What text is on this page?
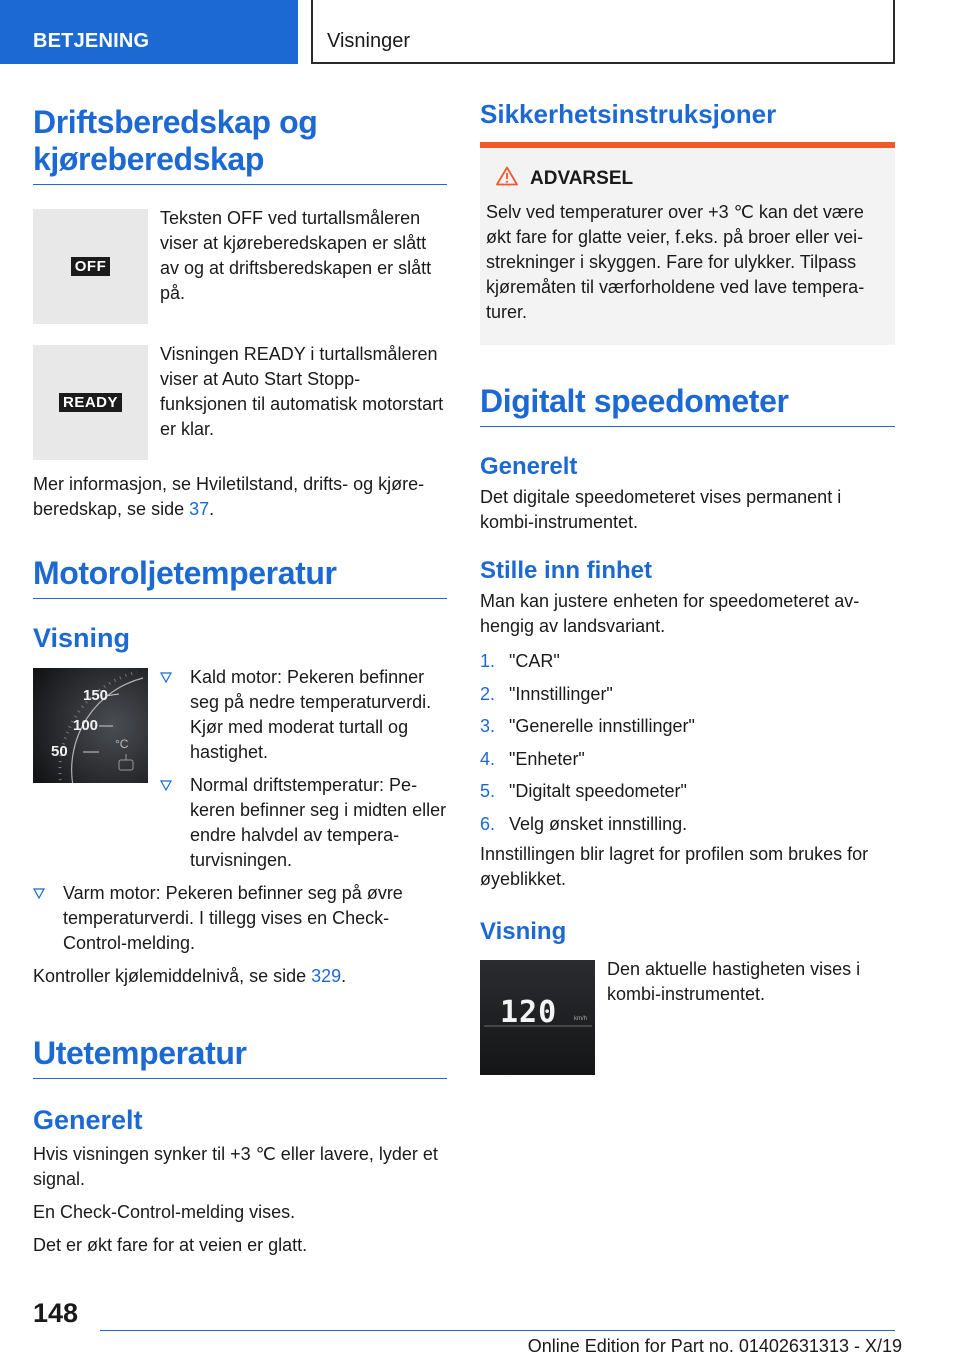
BETJENING	Visninger
Driftsberedskap og kjøreberedskap
OFF

Teksten OFF ved turtallsmåleren viser at kjøreberedskapen er slått av og at driftsberedskapen er slått på.

READY

Visningen READY i turtallsmåleren viser at Auto Start Stopp-funksjonen til automatisk motorstart er klar.

Mer informasjon, se Hviletilstand, drifts- og kjøreberedskap, se side 37.

Motoroljetemperatur
Visning
150
100
50	°C
Kald motor: Pekeren befinner seg på nedre temperaturverdi. Kjør med moderat turtall og hastighet.
Normal driftstemperatur: Pekeren befinner seg i midten eller endre halvdel av temperaturvisningen.
Varm motor: Pekeren befinner seg på øvre temperaturverdi. I tillegg vises en Check-Control-melding.

Kontroller kjølemiddelnivå, se side 329.

Utetemperatur
Generelt

Hvis visningen synker til +3 ℃ eller lavere, lyder et signal.

En Check-Control-melding vises.

Det er økt fare for at veien er glatt.

Sikkerhetsinstruksjoner
ADVARSEL

Selv ved temperaturer over +3 ℃ kan det være økt fare for glatte veier, f.eks. på broer eller veistrekninger i skyggen. Fare for ulykker. Tilpass kjøremåten til værforholdene ved lave temperaturer.

Digitalt speedometer
Generelt

Det digitale speedometeret vises permanent i kombi-instrumentet.

Stille inn finhet

Man kan justere enheten for speedometeret avhengig av landsvariant.

1. "CAR"
2. "Innstillinger"
3. "Generelle innstillinger"
4. "Enheter"
5. "Digitalt speedometer"
6. Velg ønsket innstilling.

Innstillingen blir lagret for profilen som brukes for øyeblikket.

Visning
120	km/h

Den aktuelle hastigheten vises i kombi-instrumentet.

148
Online Edition for Part no. 01402631313 - X/19
